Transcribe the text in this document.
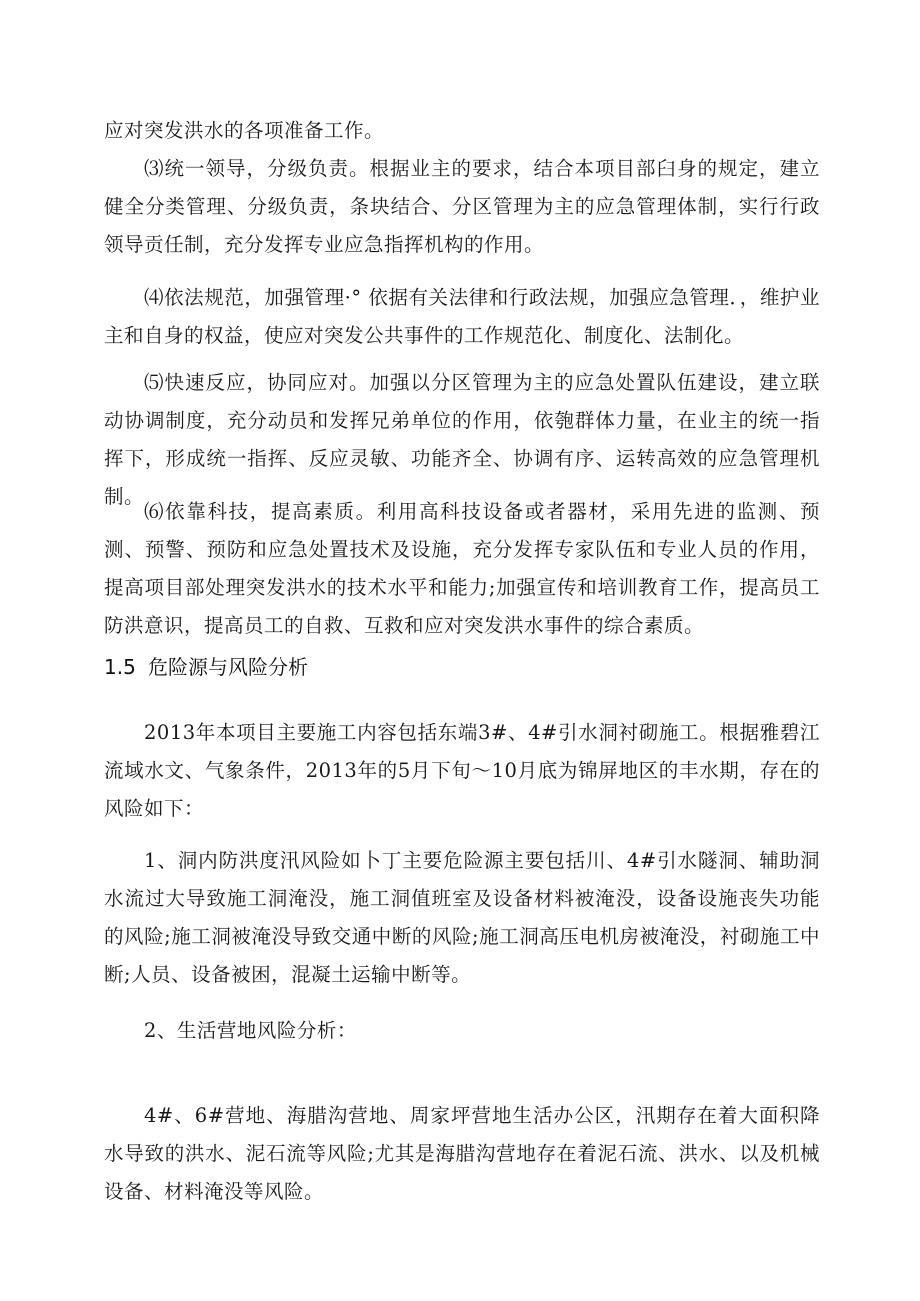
应对突发洪水的各项准备工作。

⑶统一领导，分级负责。根据业主的要求，结合本项目部臼身的规定，建立健全分类管理、分级负责，条块结合、分区管理为主的应急管理体制，实行行政领导贡任制，充分发挥专业应急指挥机构的作用。

⑷依法规范，加强管理·° 依据有关法律和行政法规，加强应急管理．，维护业主和自身的权益，使应对突发公共事件的工作规范化、制度化、法制化。

⑸快速反应，协同应对。加强以分区管理为主的应急处置队伍建设，建立联动协调制度，充分动员和发挥兄弟单位的作用，依匏群体力量，在业主的统一指挥下，形成统一指挥、反应灵敏、功能齐全、协调有序、运转高效的应急管理机制。

⑹依靠科技，提高素质。利用高科技设备或者器材，采用先进的监测、预测、预警、预防和应急处置技术及设施，充分发挥专家队伍和专业人员的作用，提高项目部处理突发洪水的技术水平和能力;加强宣传和培训教育工作，提高员工防洪意识，提高员工的自救、互救和应对突发洪水事件的综合素质。

1.5 危险源与风险分析

2013年本项目主要施工内容包括东端3#、4#引水洞衬砌施工。根据雅碧江流域水文、气象条件，2013年的5月下旬～10月底为锦屏地区的丰水期，存在的风险如下：

1、洞内防洪度汛风险如卜丁主要危险源主要包括川、4#引水隧洞、辅助洞水流过大导致施工洞淹没，施工洞值班室及设备材料被淹没，设备设施丧失功能的风险;施工洞被淹没导致交通中断的风险;施工洞高压电机房被淹没，衬砌施工中断;人员、设备被困，混凝土运输中断等。

2、生活营地风险分析：

4#、6#营地、海腊沟营地、周家坪营地生活办公区，汛期存在着大面积降水导致的洪水、泥石流等风险;尤其是海腊沟营地存在着泥石流、洪水、以及机械设备、材料淹没等风险。
